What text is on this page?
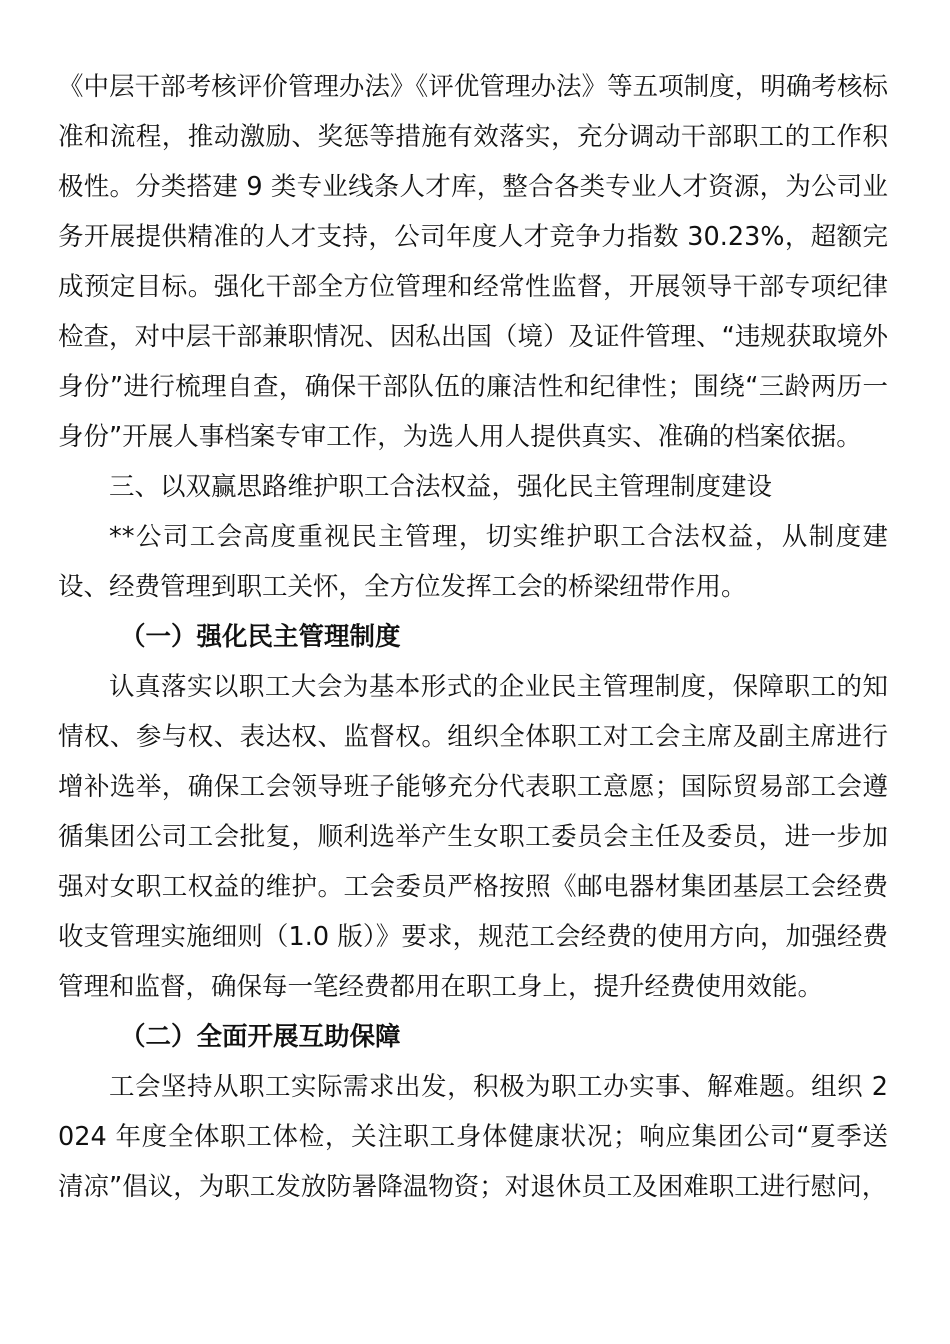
《中层干部考核评价管理办法》《评优管理办法》等五项制度，明确考核标准和流程，推动激励、奖惩等措施有效落实，充分调动干部职工的工作积极性。分类搭建 9 类专业线条人才库，整合各类专业人才资源，为公司业务开展提供精准的人才支持，公司年度人才竞争力指数 30.23%，超额完成预定目标。强化干部全方位管理和经常性监督，开展领导干部专项纪律检查，对中层干部兼职情况、因私出国（境）及证件管理、“违规获取境外身份”进行梳理自查，确保干部队伍的廉洁性和纪律性；围绕“三龄两历一身份”开展人事档案专审工作，为选人用人提供真实、准确的档案依据。

三、以双赢思路维护职工合法权益，强化民主管理制度建设

**公司工会高度重视民主管理，切实维护职工合法权益，从制度建设、经费管理到职工关怀，全方位发挥工会的桥梁纽带作用。

（一）强化民主管理制度

认真落实以职工大会为基本形式的企业民主管理制度，保障职工的知情权、参与权、表达权、监督权。组织全体职工对工会主席及副主席进行增补选举，确保工会领导班子能够充分代表职工意愿；国际贸易部工会遵循集团公司工会批复，顺利选举产生女职工委员会主任及委员，进一步加强对女职工权益的维护。工会委员严格按照《邮电器材集团基层工会经费收支管理实施细则（1.0 版）》要求，规范工会经费的使用方向，加强经费管理和监督，确保每一笔经费都用在职工身上，提升经费使用效能。

（二）全面开展互助保障

工会坚持从职工实际需求出发，积极为职工办实事、解难题。组织 2024 年度全体职工体检，关注职工身体健康状况；响应集团公司“夏季送清凉”倡议，为职工发放防暑降温物资；对退休员工及困难职工进行慰问，
